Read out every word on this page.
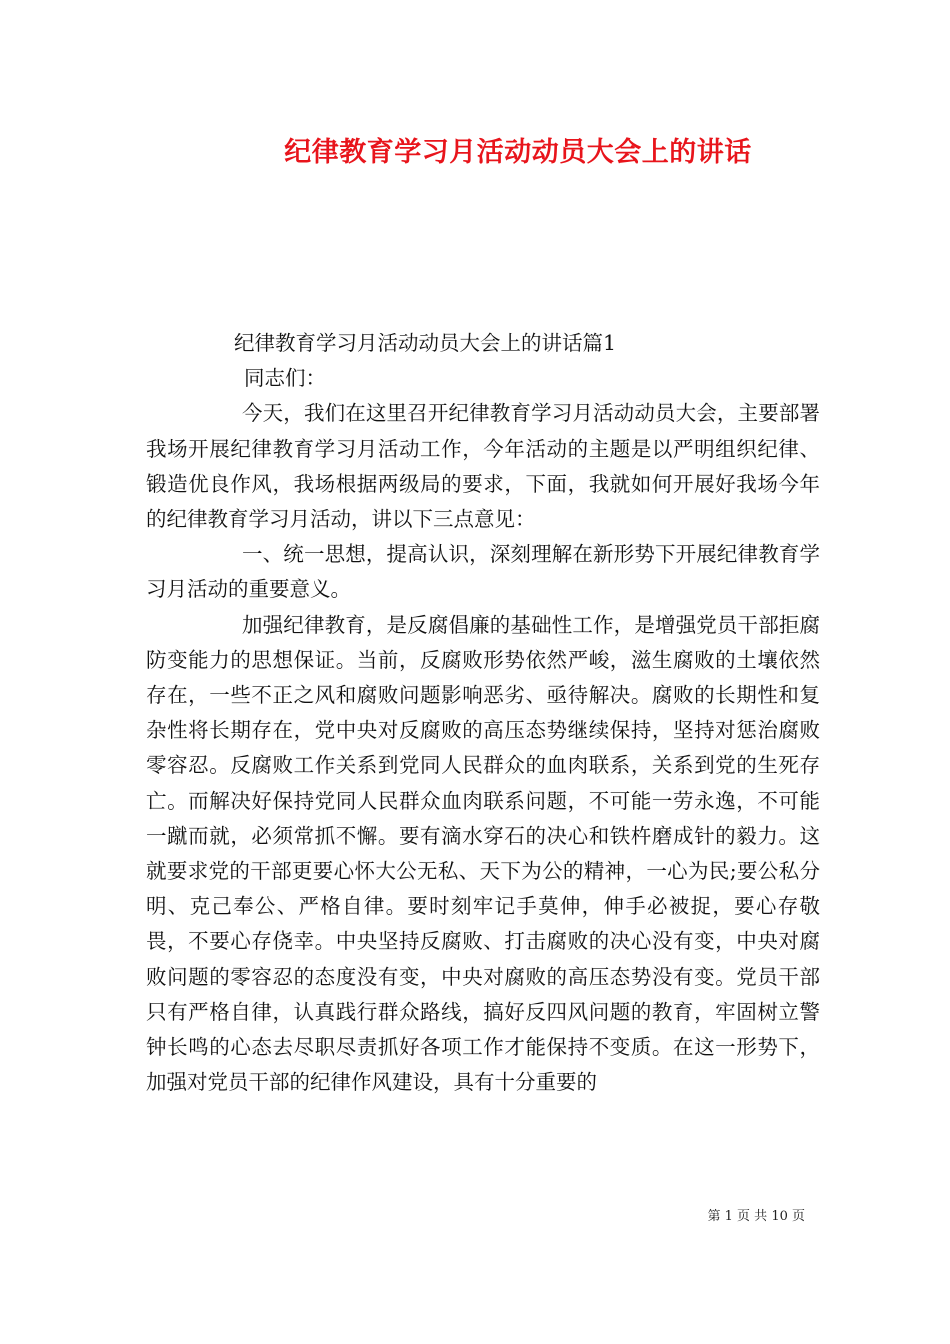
纪律教育学习月活动动员大会上的讲话

纪律教育学习月活动动员大会上的讲话篇1

同志们：

今天，我们在这里召开纪律教育学习月活动动员大会，主要部署我场开展纪律教育学习月活动工作，今年活动的主题是以严明组织纪律、锻造优良作风，我场根据两级局的要求，下面，我就如何开展好我场今年的纪律教育学习月活动，讲以下三点意见：

一、统一思想，提高认识，深刻理解在新形势下开展纪律教育学习月活动的重要意义。

加强纪律教育，是反腐倡廉的基础性工作，是增强党员干部拒腐防变能力的思想保证。当前，反腐败形势依然严峻，滋生腐败的土壤依然存在，一些不正之风和腐败问题影响恶劣、亟待解决。腐败的长期性和复杂性将长期存在，党中央对反腐败的高压态势继续保持，坚持对惩治腐败零容忍。反腐败工作关系到党同人民群众的血肉联系，关系到党的生死存亡。而解决好保持党同人民群众血肉联系问题，不可能一劳永逸，不可能一蹴而就，必须常抓不懈。要有滴水穿石的决心和铁杵磨成针的毅力。这就要求党的干部更要心怀大公无私、天下为公的精神，一心为民;要公私分明、克己奉公、严格自律。要时刻牢记手莫伸，伸手必被捉，要心存敬畏，不要心存侥幸。中央坚持反腐败、打击腐败的决心没有变，中央对腐败问题的零容忍的态度没有变，中央对腐败的高压态势没有变。党员干部只有严格自律，认真践行群众路线，搞好反四风问题的教育，牢固树立警钟长鸣的心态去尽职尽责抓好各项工作才能保持不变质。在这一形势下，加强对党员干部的纪律作风建设，具有十分重要的

第 1 页 共 10 页
